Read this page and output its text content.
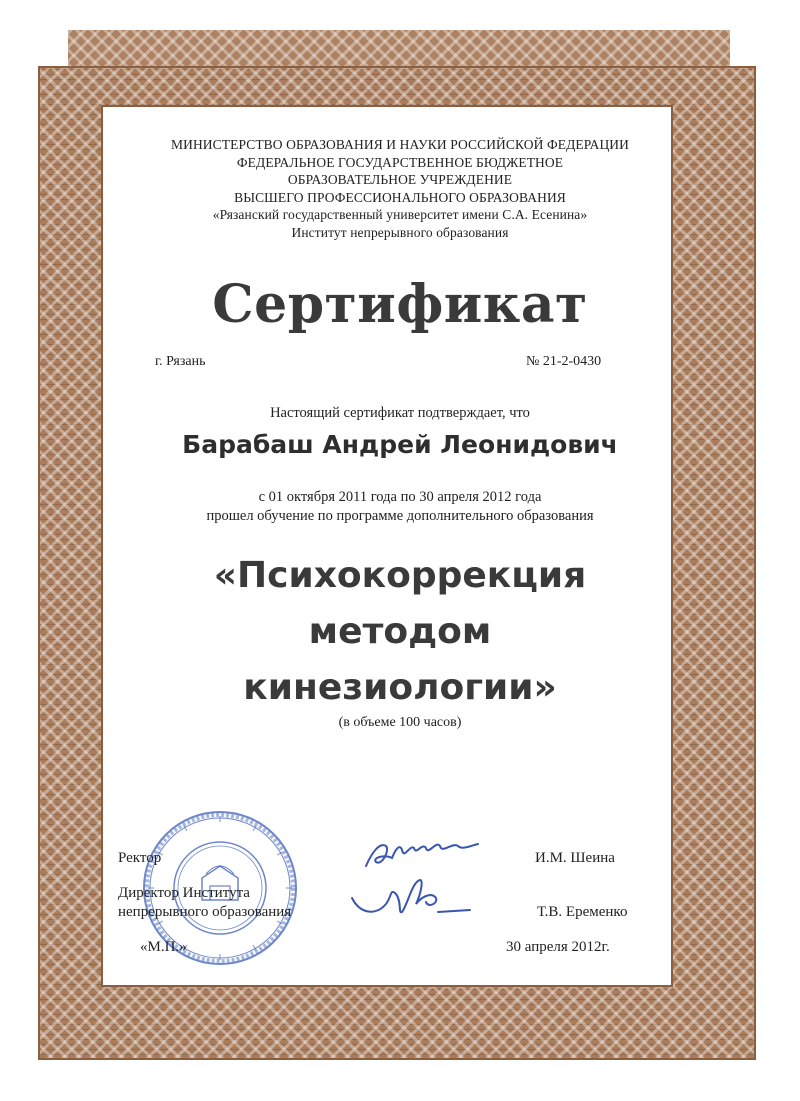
МИНИСТЕРСТВО ОБРАЗОВАНИЯ И НАУКИ РОССИЙСКОЙ ФЕДЕРАЦИИ
ФЕДЕРАЛЬНОЕ ГОСУДАРСТВЕННОЕ БЮДЖЕТНОЕ
ОБРАЗОВАТЕЛЬНОЕ УЧРЕЖДЕНИЕ
ВЫСШЕГО ПРОФЕССИОНАЛЬНОГО ОБРАЗОВАНИЯ
«Рязанский государственный университет имени С.А. Есенина»
Институт непрерывного образования
Сертификат
г. Рязань	№ 21-2-0430
Настоящий сертификат подтверждает, что
Барабаш Андрей Леонидович
с 01 октября 2011 года по 30 апреля 2012 года
прошел обучение по программе дополнительного образования
«Психокоррекция
методом
кинезиологии»
(в объеме 100 часов)
Ректор
Директор Института
непрерывного образования
«М.П.»
И.М. Шеина
Т.В. Еременко
30 апреля 2012г.
